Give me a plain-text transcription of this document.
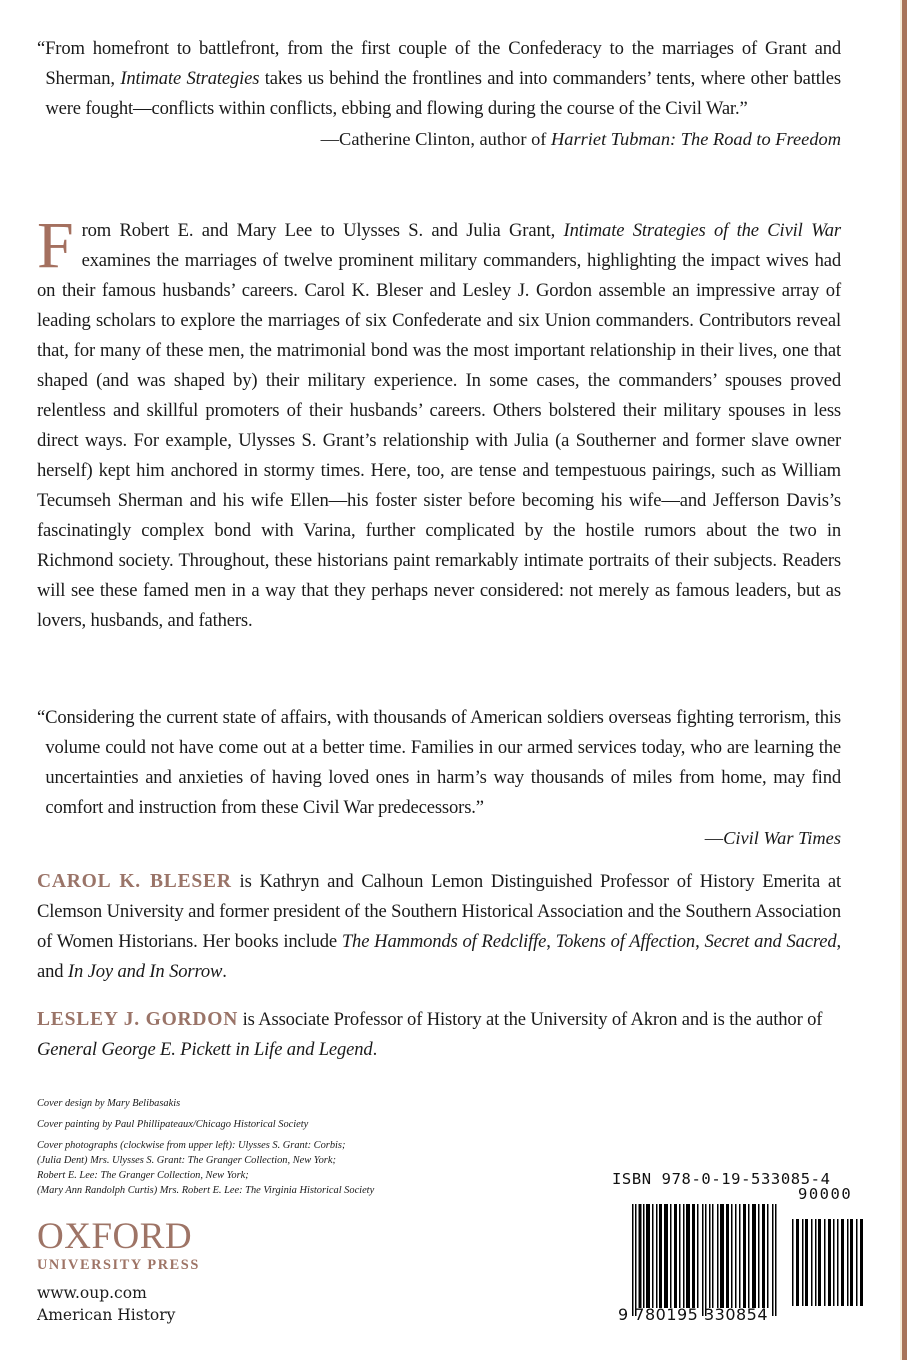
“From homefront to battlefront, from the first couple of the Confederacy to the marriages of Grant and Sherman, Intimate Strategies takes us behind the frontlines and into commanders’ tents, where other battles were fought—conflicts within conflicts, ebbing and flowing during the course of the Civil War.”

—Catherine Clinton, author of Harriet Tubman: The Road to Freedom

From Robert E. and Mary Lee to Ulysses S. and Julia Grant, Intimate Strategies of the Civil War examines the marriages of twelve prominent military commanders, highlighting the impact wives had on their famous husbands’ careers. Carol K. Bleser and Lesley J. Gordon assemble an impressive array of leading scholars to explore the marriages of six Confederate and six Union commanders. Contributors reveal that, for many of these men, the matrimonial bond was the most important relationship in their lives, one that shaped (and was shaped by) their military experience. In some cases, the commanders’ spouses proved relentless and skillful promoters of their husbands’ careers. Others bolstered their military spouses in less direct ways. For example, Ulysses S. Grant’s relationship with Julia (a Southerner and former slave owner herself) kept him anchored in stormy times. Here, too, are tense and tempestuous pairings, such as William Tecumseh Sherman and his wife Ellen—his foster sister before becoming his wife—and Jefferson Davis’s fascinatingly complex bond with Varina, further complicated by the hostile rumors about the two in Richmond society. Throughout, these historians paint remarkably intimate portraits of their subjects. Readers will see these famed men in a way that they perhaps never considered: not merely as famous leaders, but as lovers, husbands, and fathers.

“Considering the current state of affairs, with thousands of American soldiers overseas fighting terrorism, this volume could not have come out at a better time. Families in our armed services today, who are learning the uncertainties and anxieties of having loved ones in harm’s way thousands of miles from home, may find comfort and instruction from these Civil War predecessors.”

—Civil War Times

CAROL K. BLESER is Kathryn and Calhoun Lemon Distinguished Professor of History Emerita at Clemson University and former president of the Southern Historical Association and the Southern Association of Women Historians. Her books include The Hammonds of Redcliffe, Tokens of Affection, Secret and Sacred, and In Joy and In Sorrow.

LESLEY J. GORDON is Associate Professor of History at the University of Akron and is the author of General George E. Pickett in Life and Legend.

Cover design by Mary Belibasakis

Cover painting by Paul Phillipateaux/Chicago Historical Society

Cover photographs (clockwise from upper left): Ulysses S. Grant: Corbis;

(Julia Dent) Mrs. Ulysses S. Grant: The Granger Collection, New York;

Robert E. Lee: The Granger Collection, New York;

(Mary Ann Randolph Curtis) Mrs. Robert E. Lee: The Virginia Historical Society

OXFORD
UNIVERSITY PRESS
www.oup.com
American History
ISBN 978-0-19-533085-4
90000
9 780195 330854
